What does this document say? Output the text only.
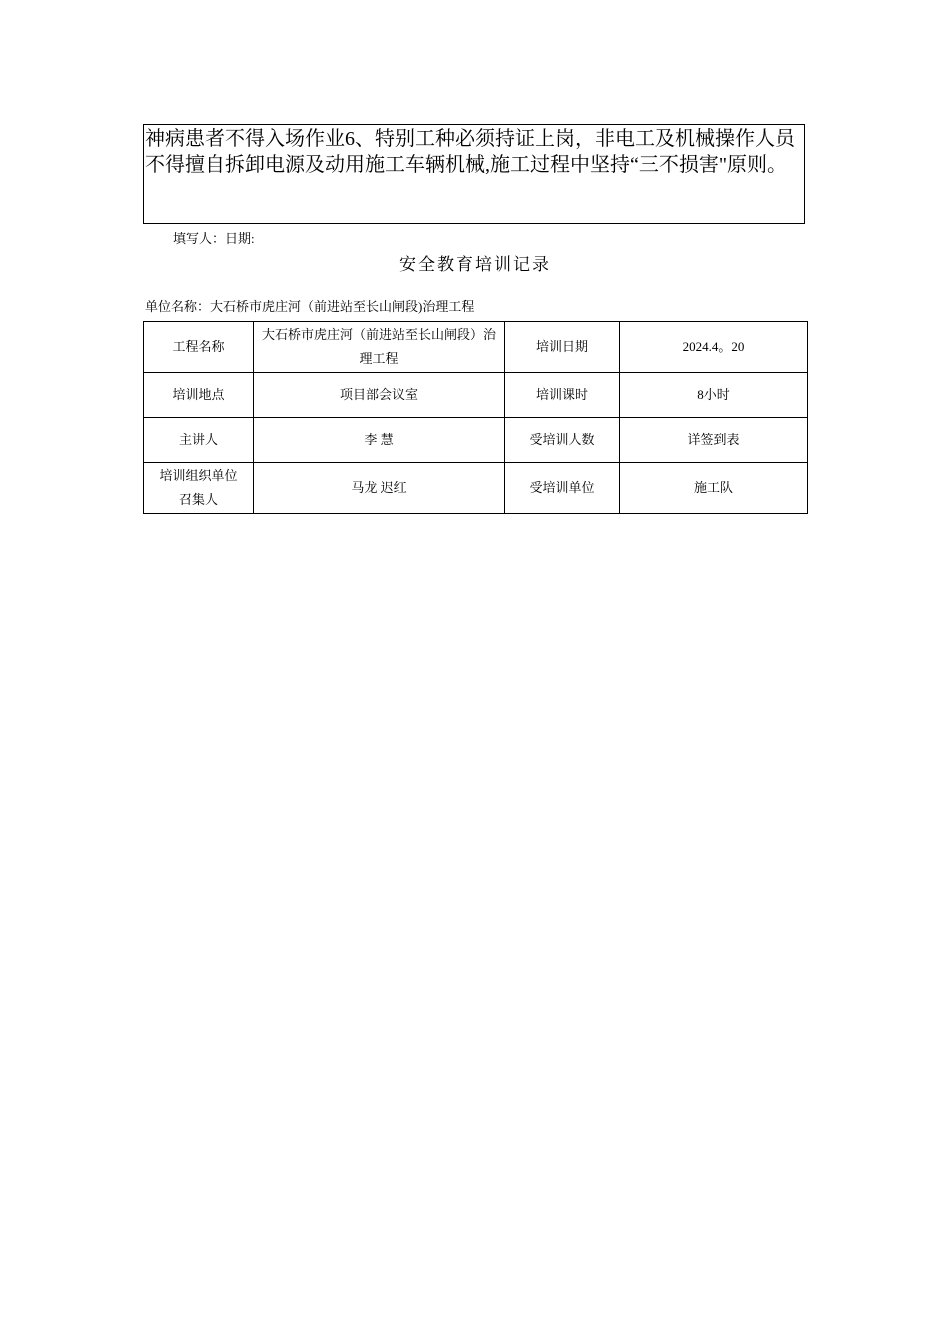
神病患者不得入场作业6、特别工种必须持证上岗，非电工及机械操作人员不得擅自拆卸电源及动用施工车辆机械,施工过程中坚持“三不损害"原则。
填写人：日期:
安全教育培训记录
单位名称：大石桥市虎庄河（前进站至长山闸段)治理工程
工程名称	大石桥市虎庄河（前进站至长山闸段）治理工程	培训日期	2024.4。20

培训地点	项目部会议室	培训课时	8小时

主讲人	李 慧	受培训人数	详签到表

培训组织单位召集人	马龙 迟红	受培训单位	施工队
